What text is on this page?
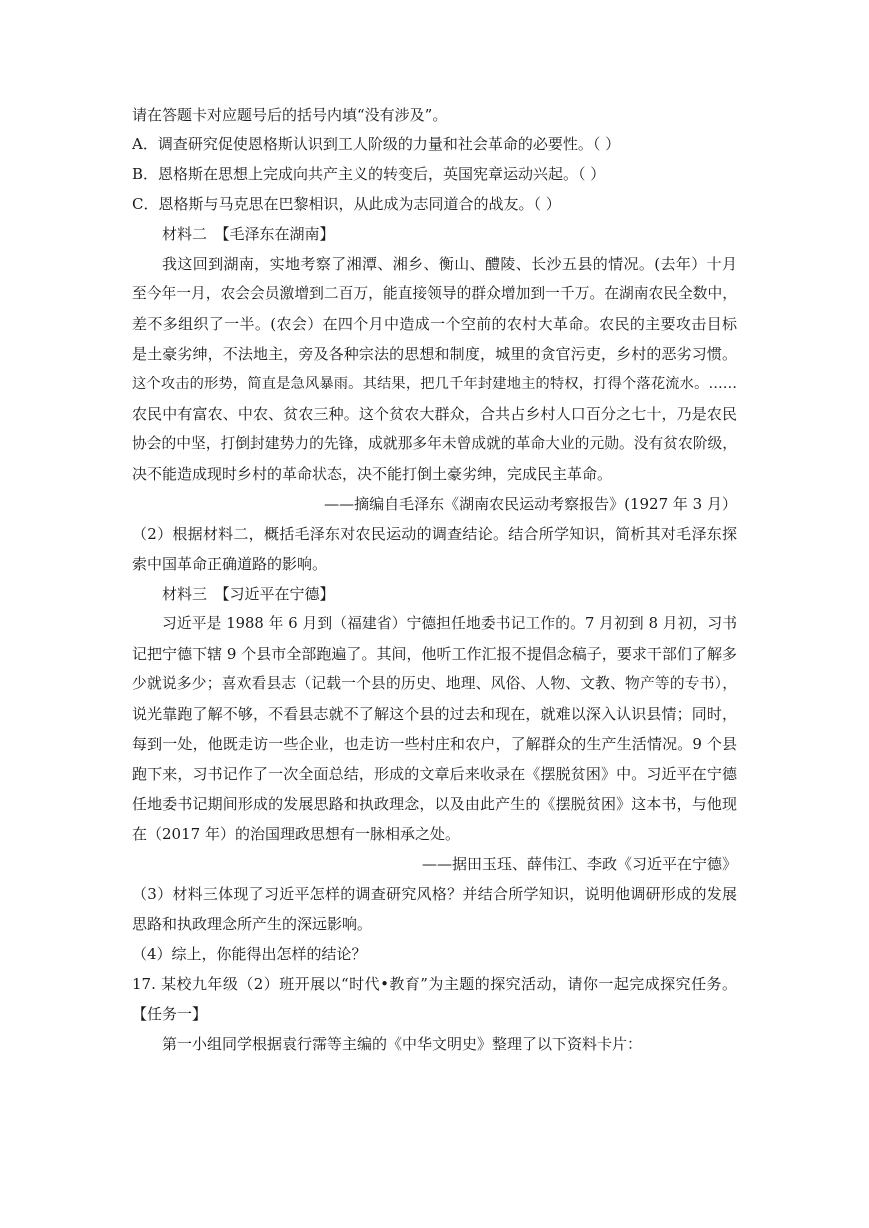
请在答题卡对应题号后的括号内填“没有涉及”。
A．调查研究促使恩格斯认识到工人阶级的力量和社会革命的必要性。（ ）
B．恩格斯在思想上完成向共产主义的转变后，英国宪章运动兴起。（ ）
C．恩格斯与马克思在巴黎相识，从此成为志同道合的战友。（ ）
材料二　【毛泽东在湖南】
我这回到湖南，实地考察了湘潭、湘乡、衡山、醴陵、长沙五县的情况。(去年）十月
至今年一月，农会会员激增到二百万，能直接领导的群众增加到一千万。在湖南农民全数中，
差不多组织了一半。(农会）在四个月中造成一个空前的农村大革命。农民的主要攻击目标
是土豪劣绅，不法地主，旁及各种宗法的思想和制度，城里的贪官污吏，乡村的恶劣习惯。
这个攻击的形势，简直是急风暴雨。其结果，把几千年封建地主的特权，打得个落花流水。……
农民中有富农、中农、贫农三种。这个贫农大群众，合共占乡村人口百分之七十，乃是农民
协会的中坚，打倒封建势力的先锋，成就那多年未曾成就的革命大业的元勋。没有贫农阶级，
决不能造成现时乡村的革命状态，决不能打倒土豪劣绅，完成民主革命。
——摘编自毛泽东《湖南农民运动考察报告》(1927 年 3 月）
（2）根据材料二，概括毛泽东对农民运动的调查结论。结合所学知识，简析其对毛泽东探
索中国革命正确道路的影响。
材料三　【习近平在宁德】
习近平是 1988 年 6 月到（福建省）宁德担任地委书记工作的。7 月初到 8 月初，习书
记把宁德下辖 9 个县市全部跑遍了。其间，他听工作汇报不提倡念稿子，要求干部们了解多
少就说多少；喜欢看县志（记载一个县的历史、地理、风俗、人物、文教、物产等的专书），
说光靠跑了解不够，不看县志就不了解这个县的过去和现在，就难以深入认识县情；同时，
每到一处，他既走访一些企业，也走访一些村庄和农户，了解群众的生产生活情况。9 个县
跑下来，习书记作了一次全面总结，形成的文章后来收录在《摆脱贫困》中。习近平在宁德
任地委书记期间形成的发展思路和执政理念，以及由此产生的《摆脱贫困》这本书，与他现
在（2017 年）的治国理政思想有一脉相承之处。
——据田玉珏、薛伟江、李政《习近平在宁德》
（3）材料三体现了习近平怎样的调查研究风格？并结合所学知识，说明他调研形成的发展
思路和执政理念所产生的深远影响。
（4）综上，你能得出怎样的结论？
17. 某校九年级（2）班开展以“时代•教育”为主题的探究活动，请你一起完成探究任务。
【任务一】
第一小组同学根据袁行霈等主编的《中华文明史》整理了以下资料卡片：
